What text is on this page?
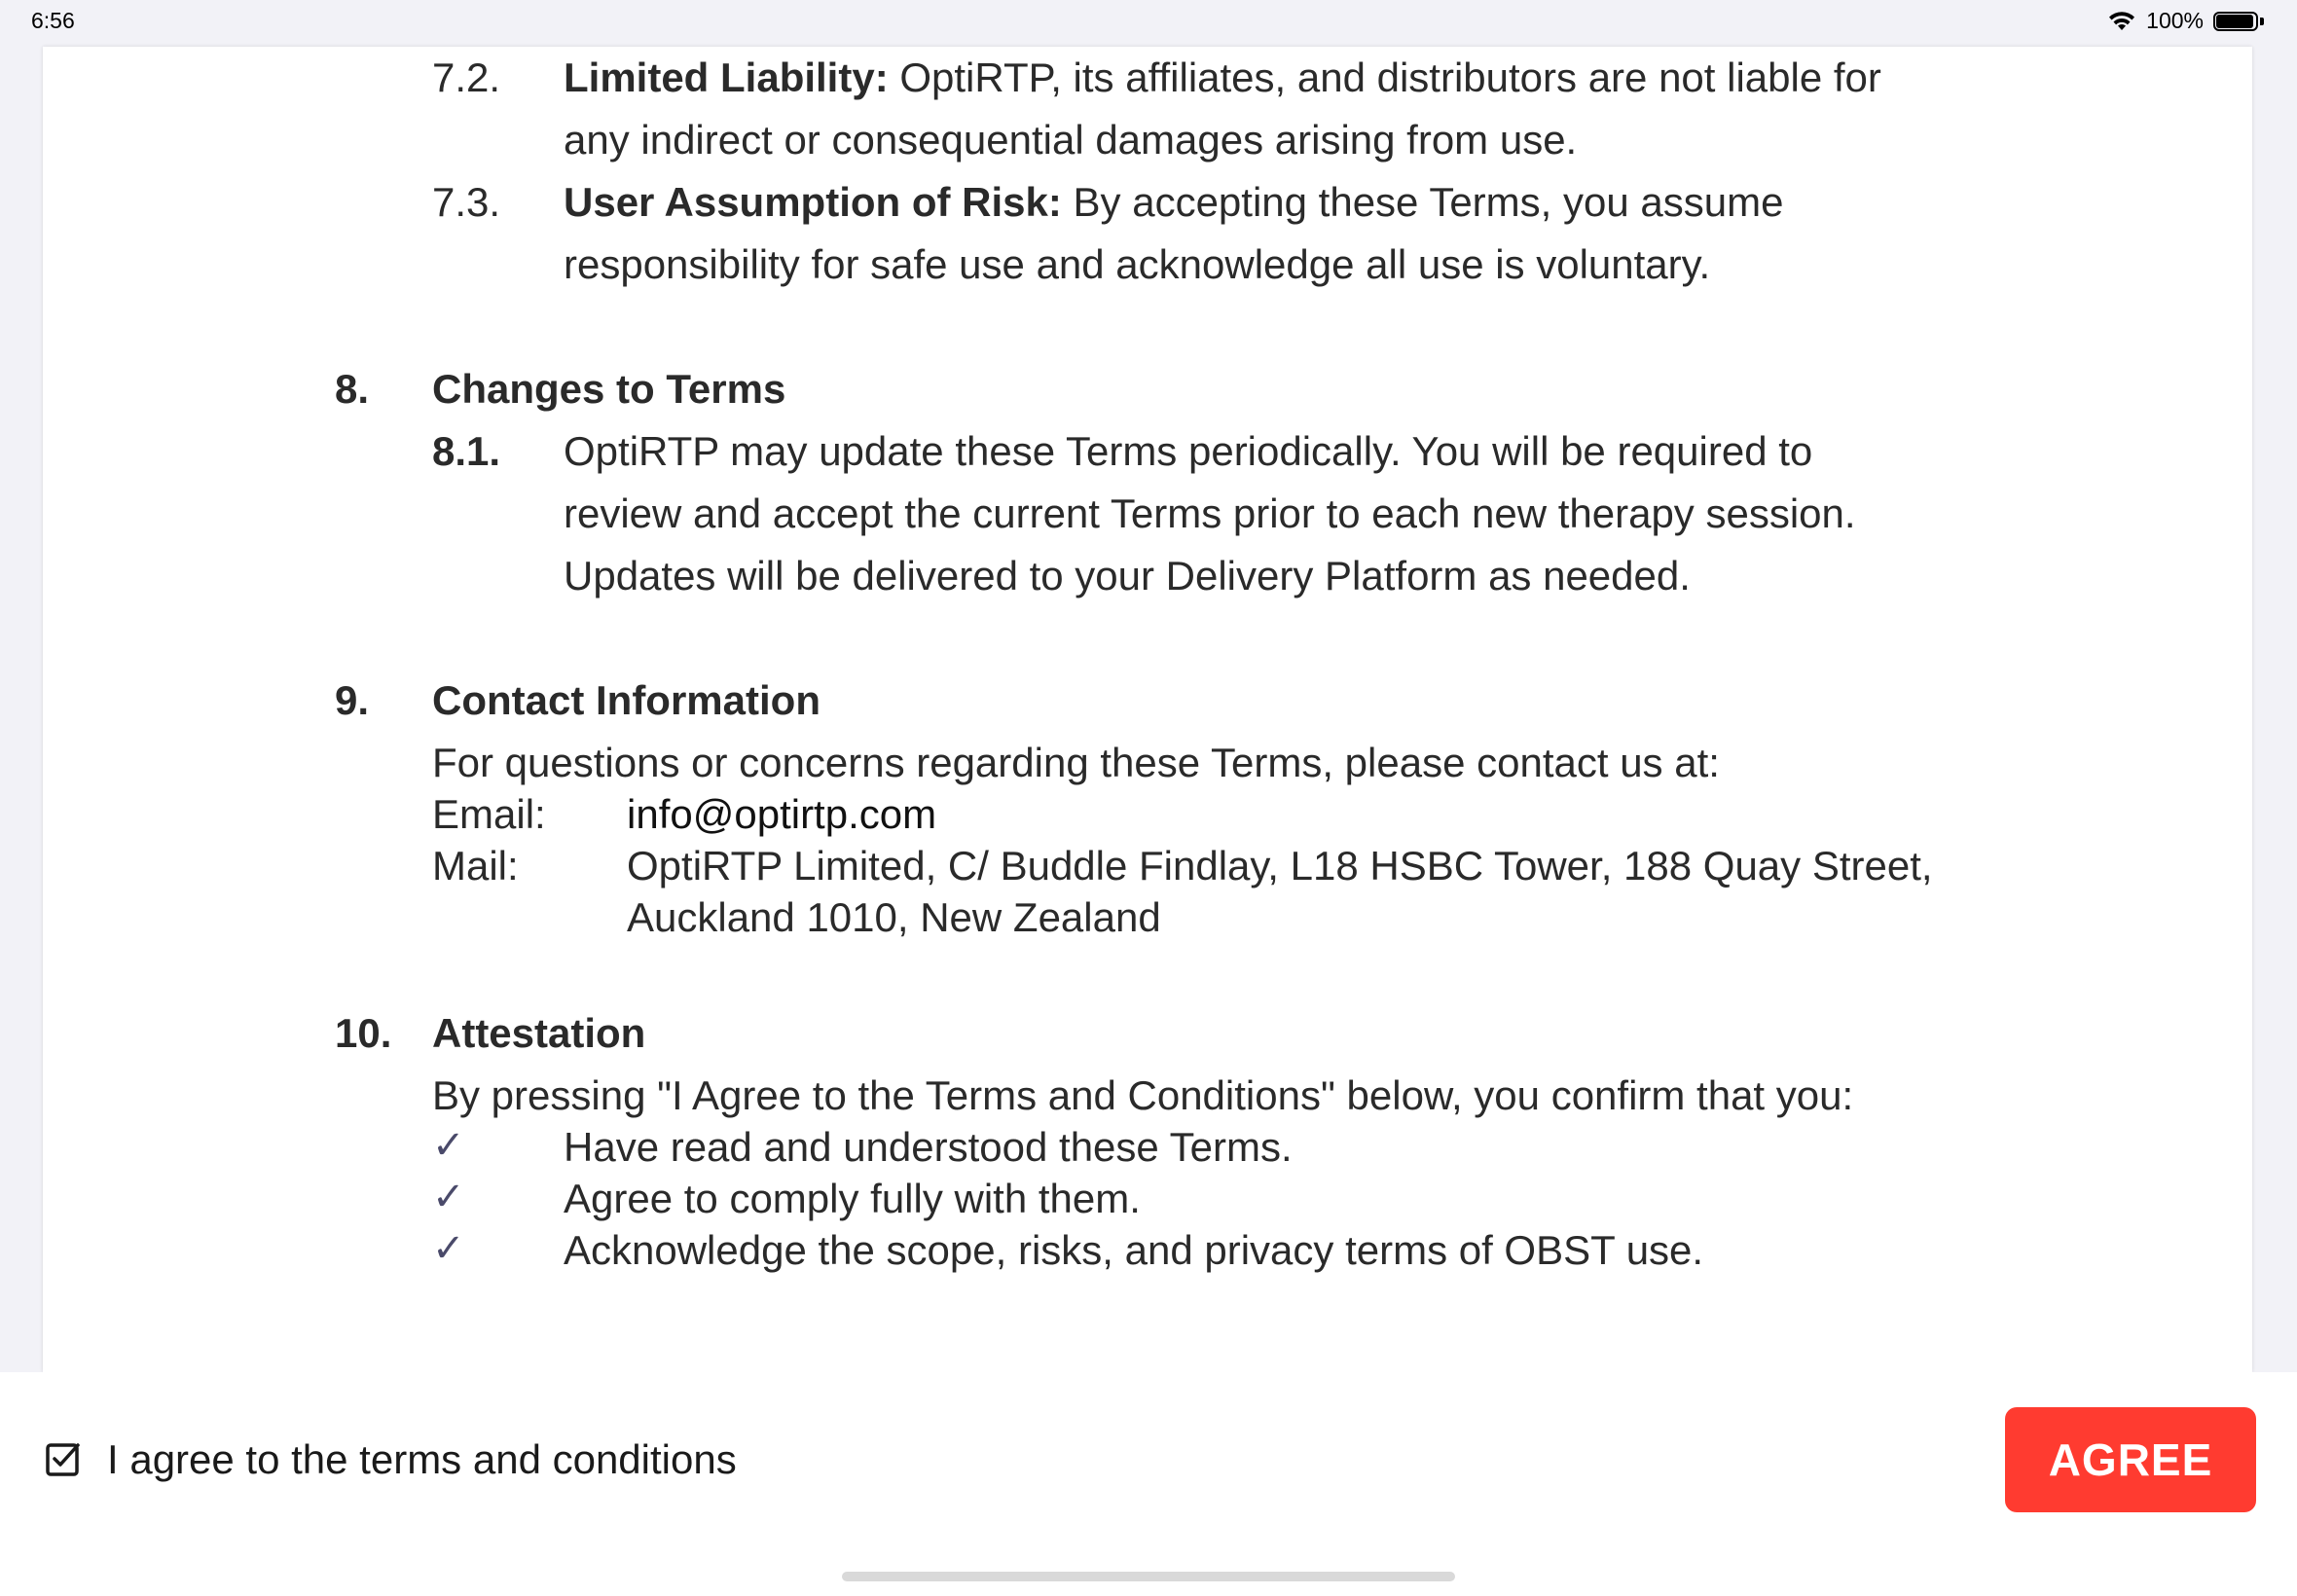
6:56	100%
7.2. Limited Liability: OptiRTP, its affiliates, and distributors are not liable for
any indirect or consequential damages arising from use.
7.3. User Assumption of Risk: By accepting these Terms, you assume
responsibility for safe use and acknowledge all use is voluntary.
8. Changes to Terms
8.1. OptiRTP may update these Terms periodically. You will be required to
review and accept the current Terms prior to each new therapy session.
Updates will be delivered to your Delivery Platform as needed.
9. Contact Information
For questions or concerns regarding these Terms, please contact us at:
Email: info@optirtp.com
Mail:	OptiRTP Limited, C/ Buddle Findlay, L18 HSBC Tower, 188 Quay Street,
Auckland 1010, New Zealand
10. Attestation
By pressing "I Agree to the Terms and Conditions" below, you confirm that you:
✓ Have read and understood these Terms.
✓ Agree to comply fully with them.
✓ Acknowledge the scope, risks, and privacy terms of OBST use.
I agree to the terms and conditions	AGREE
